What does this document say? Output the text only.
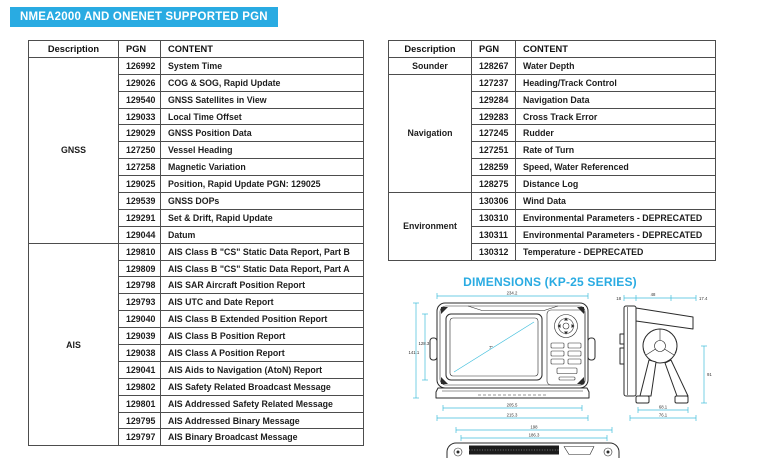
NMEA2000 AND ONENET SUPPORTED PGN
Description	PGN	CONTENT
GNSS	126992	System Time
	129026	COG & SOG, Rapid Update
	129540	GNSS Satellites in View
	129033	Local Time Offset
	129029	GNSS Position Data
	127250	Vessel Heading
	127258	Magnetic Variation
	129025	Position, Rapid Update PGN: 129025
	129539	GNSS DOPs
	129291	Set & Drift, Rapid Update
	129044	Datum
AIS	129810	AIS Class B "CS" Static Data Report, Part B
	129809	AIS Class B "CS" Static Data Report, Part A
	129798	AIS SAR Aircraft Position Report
	129793	AIS UTC and Date Report
	129040	AIS Class B Extended Position Report
	129039	AIS Class B Position Report
	129038	AIS Class A Position Report
	129041	AIS Aids to Navigation (AtoN) Report
	129802	AIS Safety Related Broadcast Message
	129801	AIS Addressed Safety Related Message
	129795	AIS Addressed Binary Message
	129797	AIS Binary Broadcast Message
Description	PGN	CONTENT
Sounder	128267	Water Depth
Navigation	127237	Heading/Track Control
	129284	Navigation Data
	129283	Cross Track Error
	127245	Rudder
	127251	Rate of Turn
	128259	Speed, Water Referenced
	128275	Distance Log
Environment	130306	Wind Data
	130310	Environmental Parameters - DEPRECATED
	130311	Environmental Parameters - DEPRECATED
	130312	Temperature - DEPRECATED
DIMENSIONS (KP-25 SERIES)
234.2
141.1
128.3
7"
205.5
215.3
18
48
17.4
91
68.1
76.1
198
186.3
